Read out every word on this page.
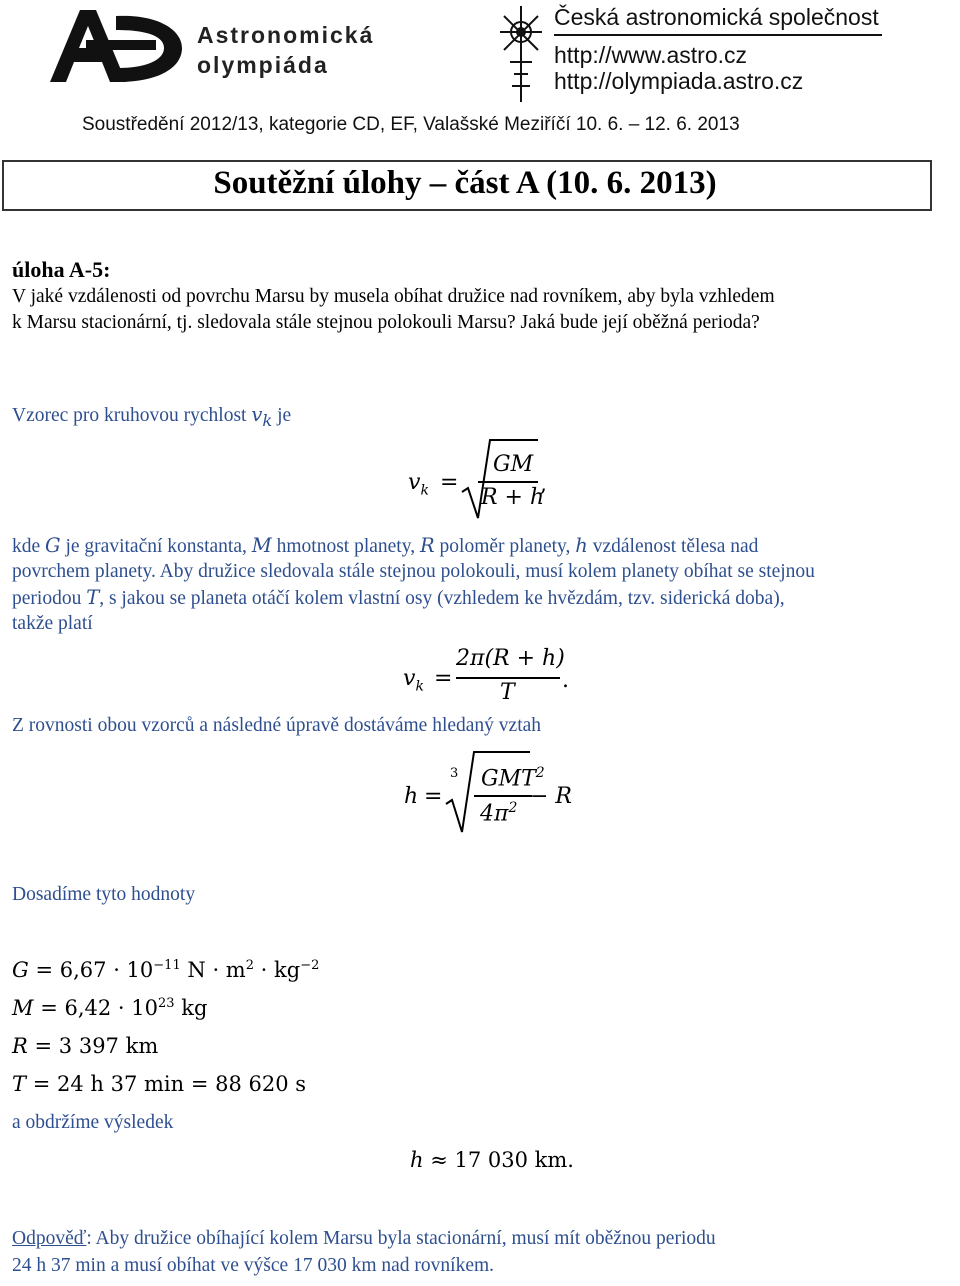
Astronomická
olympiáda
Česká astronomická společnost
http://www.astro.cz
http://olympiada.astro.cz
Soustředění 2012/13, kategorie CD, EF, Valašské Meziříčí 10. 6. – 12. 6. 2013
Soutěžní úlohy – část A (10. 6. 2013)
úloha A-5:
V jaké vzdálenosti od povrchu Marsu by musela obíhat družice nad rovníkem, aby byla vzhledem
k Marsu stacionární, tj. sledovala stále stejnou polokouli Marsu? Jaká bude její oběžná perioda?
Vzorec pro kruhovou rychlost $v_k$ je
$v_k$ =
GM
R + h
,
kde G je gravitační konstanta, M hmotnost planety, R poloměr planety, h vzdálenost tělesa nad
povrchem planety. Aby družice sledovala stále stejnou polokouli, musí kolem planety obíhat se stejnou
periodou T, s jakou se planeta otáčí kolem vlastní osy (vzhledem ke hvězdám, tzv. siderická doba),
takže platí
$v_k$ =
2π(R + h)
T .
Z rovnosti obou vzorců a následné úpravě dostáváme hledaný vztah
h =
3 GMT$^2$
$4\pi^2 - R$
Dosadíme tyto hodnoty
$G = 6,67 \cdot 10^{-11}$ $N \cdot m^2 \cdot kg^{-2}$
$M = 6,42 \cdot 10^{23}$ kg
R = 3 397 km
T = 24 h 37 min = 88 620 s
a obdržíme výsledek
h ≈ 17 030 km.
Odpověď: Aby družice obíhající kolem Marsu byla stacionární, musí mít oběžnou periodu
24 h 37 min a musí obíhat ve výšce 17 030 km nad rovníkem.
